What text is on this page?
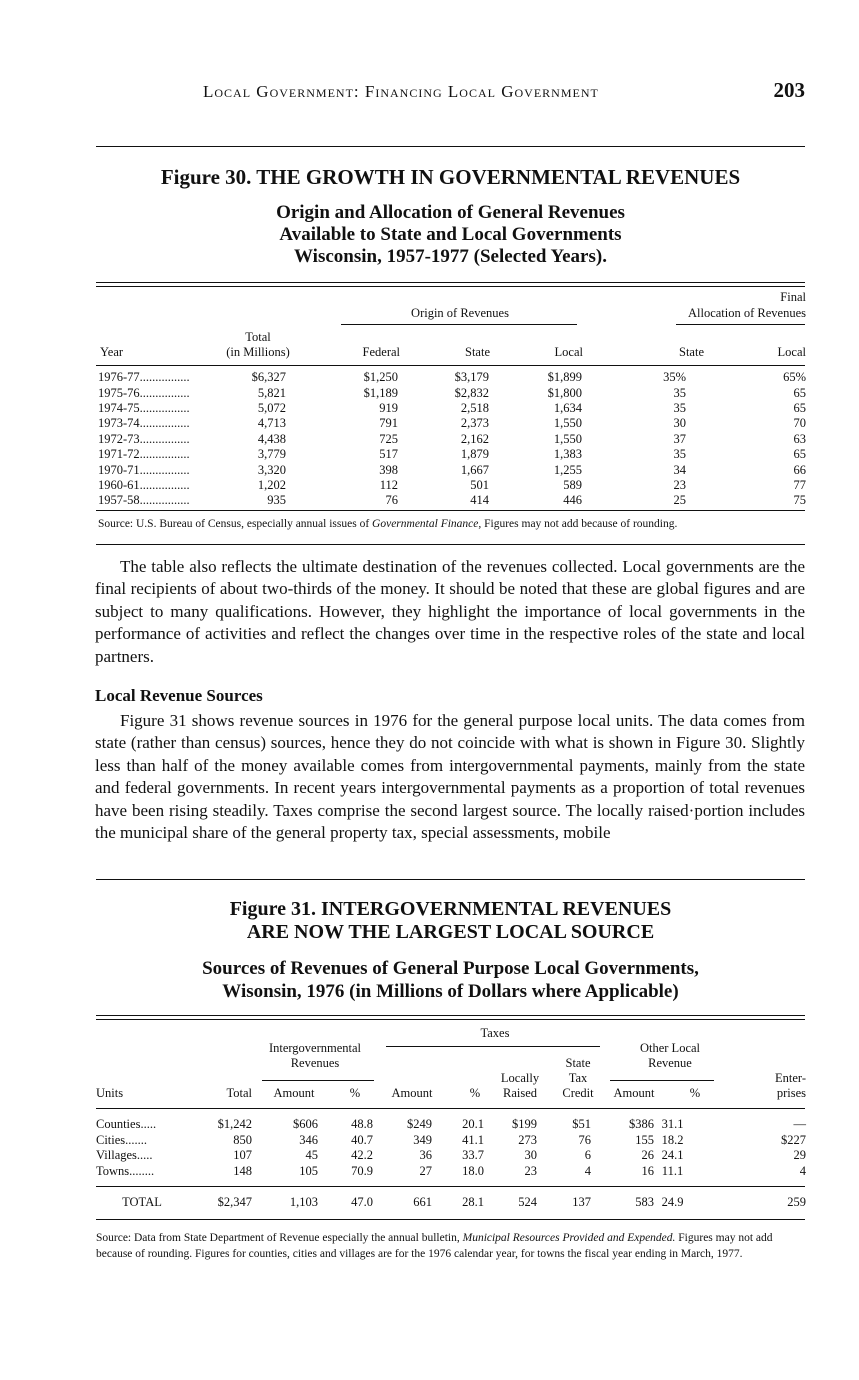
Local Government: Financing Local Government	203
Figure 30. THE GROWTH IN GOVERNMENTAL REVENUES
Origin and Allocation of General Revenues
Available to State and Local Governments
Wisconsin, 1957-1977 (Selected Years).
Final
Origin of Revenues	Allocation of Revenues
Total
Year	(in Millions)	Federal	State	Local	State	Local
1976-77................	$6,327	$1,250	$3,179	$1,899	35%	65%
1975-76................	5,821	$1,189	$2,832	$1,800	35	65
1974-75................	5,072	919	2,518	1,634	35	65
1973-74................	4,713	791	2,373	1,550	30	70
1972-73................	4,438	725	2,162	1,550	37	63
1971-72................	3,779	517	1,879	1,383	35	65
1970-71................	3,320	398	1,667	1,255	34	66
1960-61................	1,202	112	501	589	23	77
1957-58................	935	76	414	446	25	75
Source: U.S. Bureau of Census, especially annual issues of Governmental Finance, Figures may not add because of rounding.
The table also reflects the ultimate destination of the revenues collected. Local governments are the final recipients of about two-thirds of the money. It should be noted that these are global figures and are subject to many qualifications. However, they highlight the importance of local governments in the performance of activities and reflect the changes over time in the respective roles of the state and local partners.
Local Revenue Sources
Figure 31 shows revenue sources in 1976 for the general purpose local units. The data comes from state (rather than census) sources, hence they do not coincide with what is shown in Figure 30. Slightly less than half of the money available comes from intergovernmental payments, mainly from the state and federal governments. In recent years intergovernmental payments as a proportion of total revenues have been rising steadily. Taxes comprise the second largest source. The locally raised·portion includes the municipal share of the general property tax, special assessments, mobile
Figure 31. INTERGOVERNMENTAL REVENUES
ARE NOW THE LARGEST LOCAL SOURCE
Sources of Revenues of General Purpose Local Governments,
Wisonsin, 1976 (in Millions of Dollars where Applicable)
Taxes
Intergovernmental
Revenues
Other Local
Revenue
State
Tax
Locally	Enter-
Units	Total	Amount	%	Amount	%	Raised	Credit	Amount	%	prises
Counties.....	$1,242	$606	48.8	$249	20.1	$199	$51	$386	31.1	—
Cities.......	850	346	40.7	349	41.1	273	76	155	18.2	$227
Villages.....	107	45	42.2	36	33.7	30	6	26	24.1	29
Towns........	148	105	70.9	27	18.0	23	4	16	11.1	4
TOTAL	$2,347	1,103	47.0	661	28.1	524	137	583	24.9	259
Source: Data from State Department of Revenue especially the annual bulletin, Municipal Resources Provided and Expended. Figures may not add because of rounding. Figures for counties, cities and villages are for the 1976 calendar year, for towns the fiscal year ending in March, 1977.
